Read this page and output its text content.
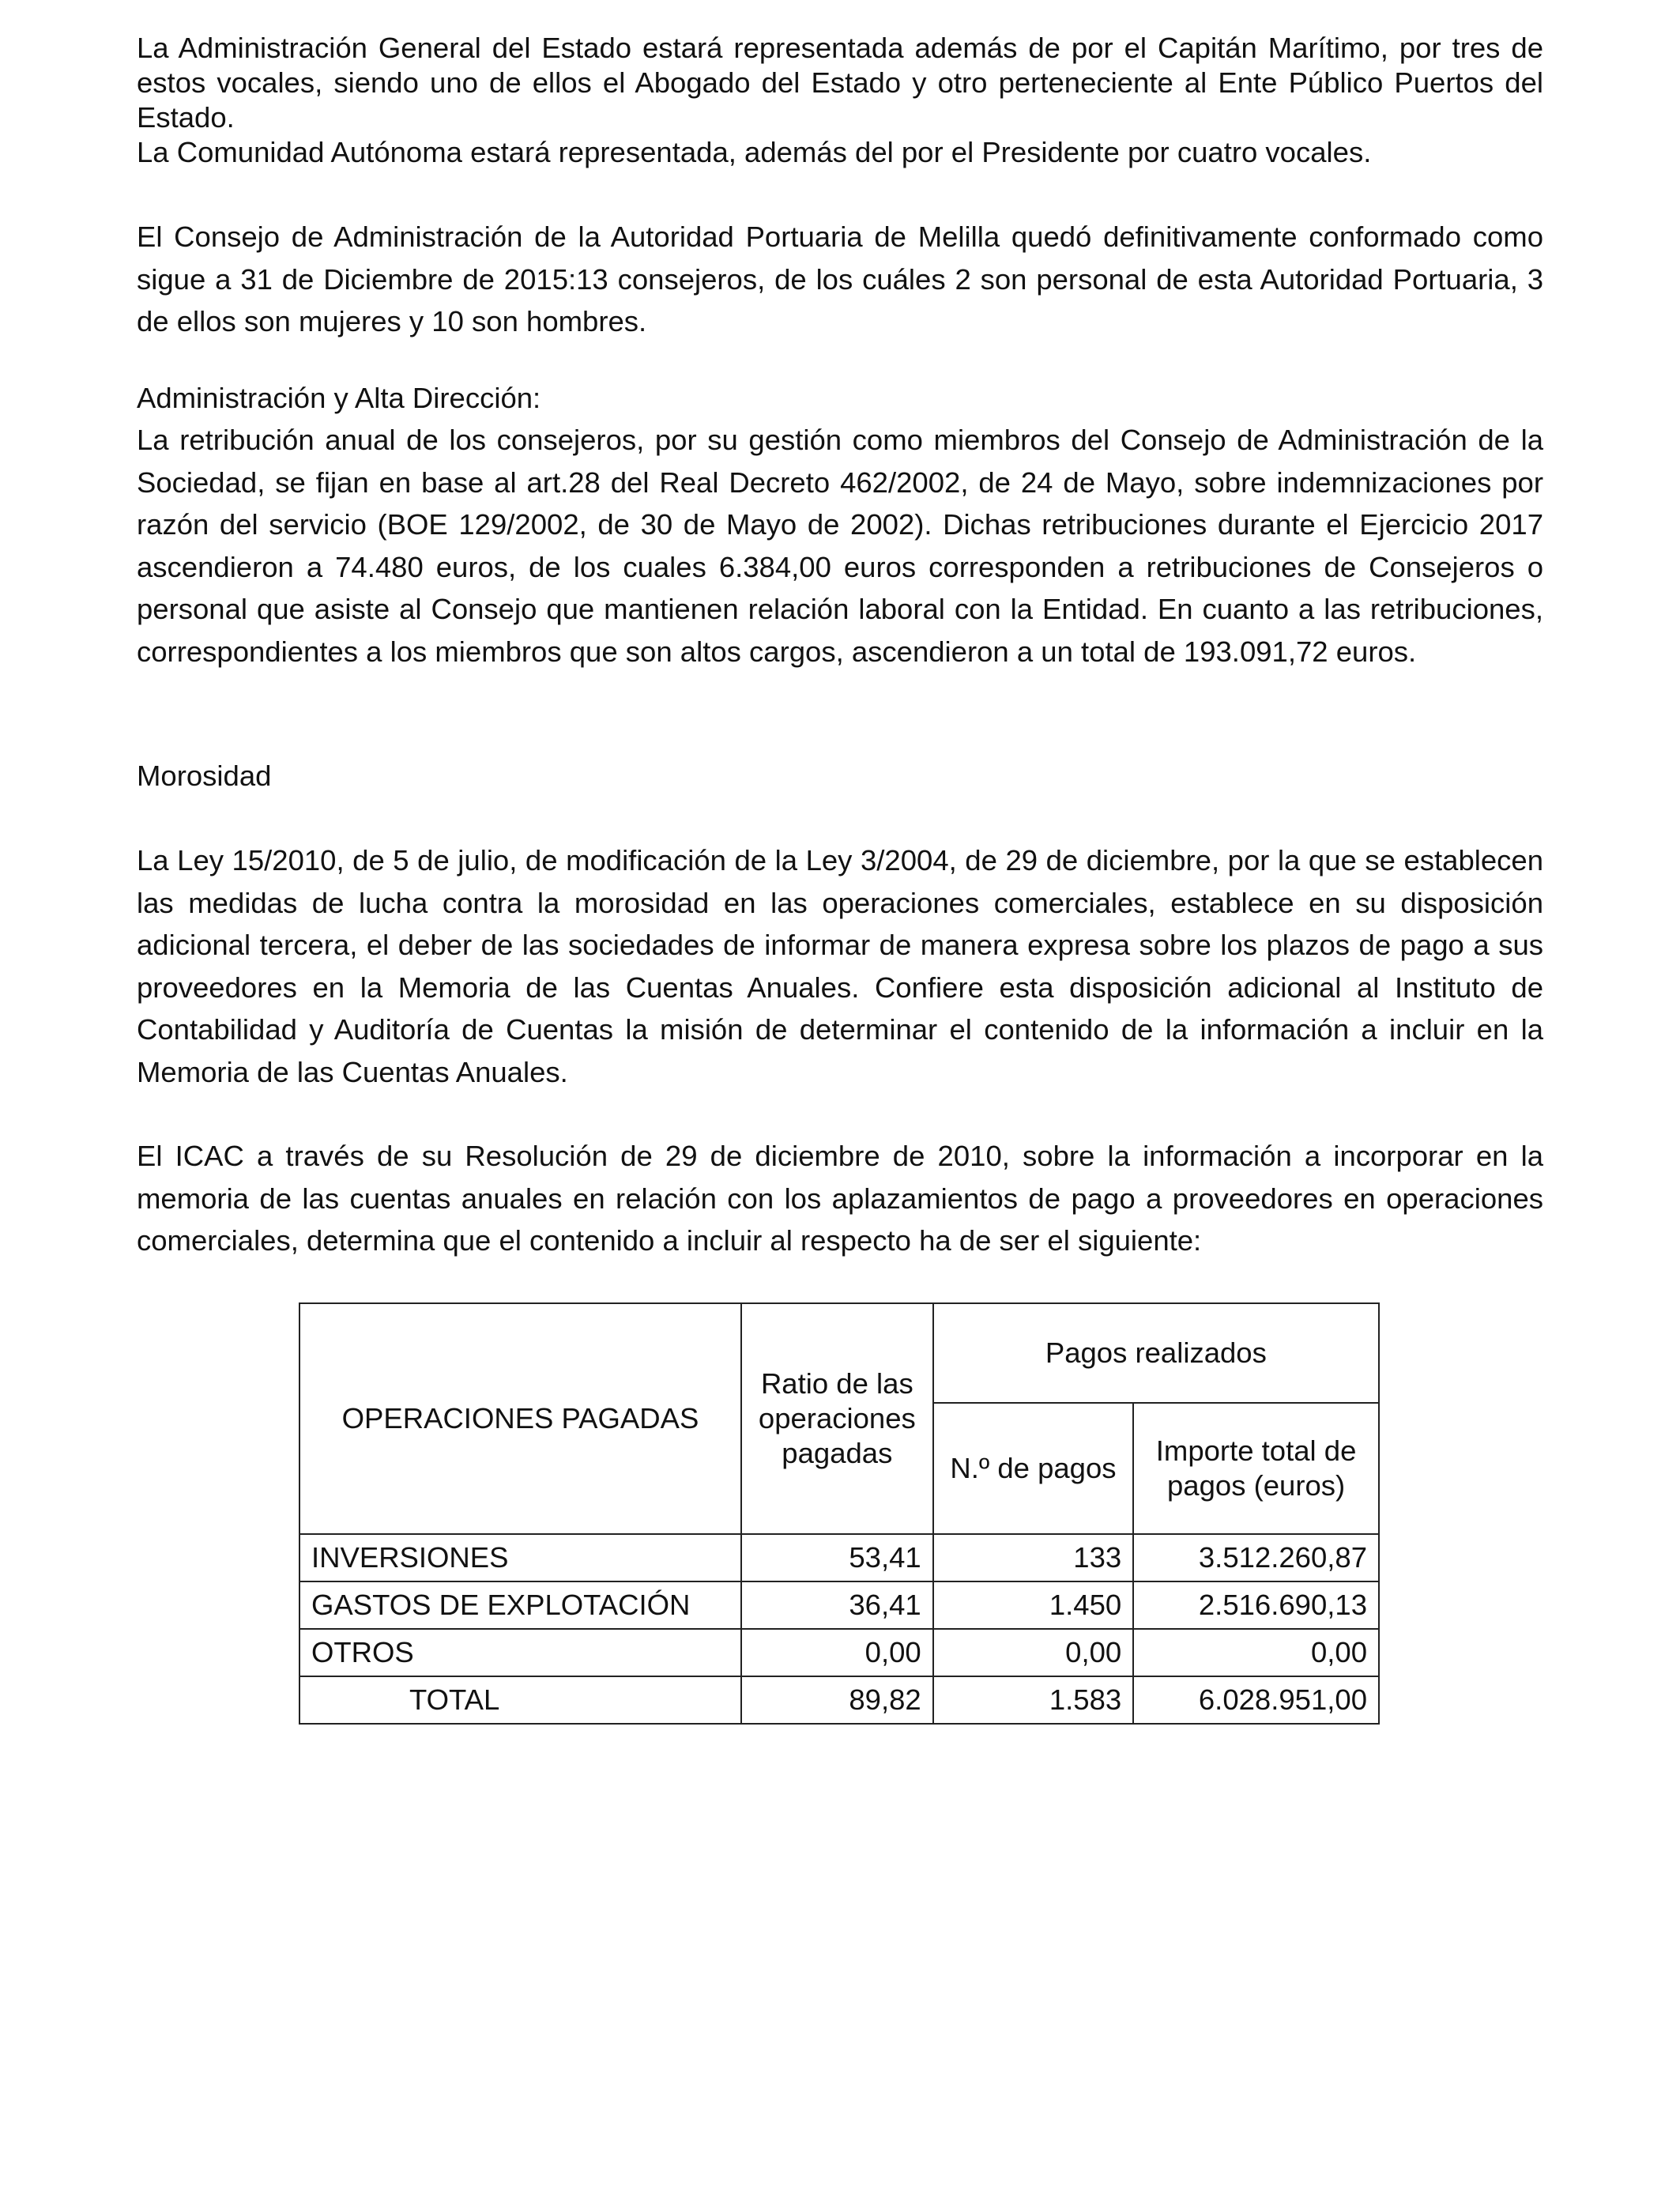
La Administración General del Estado estará representada además de por el Capitán Marítimo, por tres de estos vocales, siendo uno de ellos el Abogado del Estado y otro perteneciente al Ente Público Puertos del Estado.

La Comunidad Autónoma estará representada, además del por el Presidente por cuatro vocales.

El Consejo de Administración de la Autoridad Portuaria de Melilla quedó definitivamente conformado como sigue a 31 de Diciembre de 2015:13 consejeros, de los cuáles 2 son personal de esta Autoridad Portuaria, 3 de ellos son mujeres y 10 son hombres.

Administración y Alta Dirección:

La retribución anual de los consejeros, por su gestión como miembros del Consejo de Administración de la Sociedad, se fijan en base al art.28 del Real Decreto 462/2002, de 24 de Mayo, sobre indemnizaciones por razón del servicio (BOE 129/2002, de 30 de Mayo de 2002). Dichas retribuciones durante el Ejercicio 2017 ascendieron a 74.480 euros, de los cuales 6.384,00 euros corresponden a retribuciones de Consejeros o personal que asiste al Consejo que mantienen relación laboral con la Entidad. En cuanto a las retribuciones, correspondientes a los miembros que son altos cargos, ascendieron a un total de 193.091,72 euros.

Morosidad

La Ley 15/2010, de 5 de julio, de modificación de la Ley 3/2004, de 29 de diciembre, por la que se establecen las medidas de lucha contra la morosidad en las operaciones comerciales, establece en su disposición adicional tercera, el deber de las sociedades de informar de manera expresa sobre los plazos de pago a sus proveedores en la Memoria de las Cuentas Anuales. Confiere esta disposición adicional al Instituto de Contabilidad y Auditoría de Cuentas la misión de determinar el contenido de la información a incluir en la Memoria de las Cuentas Anuales.

El ICAC a través de su Resolución de 29 de diciembre de 2010, sobre la información a incorporar en la memoria de las cuentas anuales en relación con los aplazamientos de pago a proveedores en operaciones comerciales, determina que el contenido a incluir al respecto ha de ser el siguiente:

OPERACIONES PAGADAS	Ratio de las operaciones pagadas	Pagos realizados	
		N.º de pagos	Importe total de pagos (euros)
INVERSIONES	53,41	133	3.512.260,87
GASTOS DE EXPLOTACIÓN	36,41	1.450	2.516.690,13
OTROS	0,00	0,00	0,00
TOTAL	89,82	1.583	6.028.951,00
